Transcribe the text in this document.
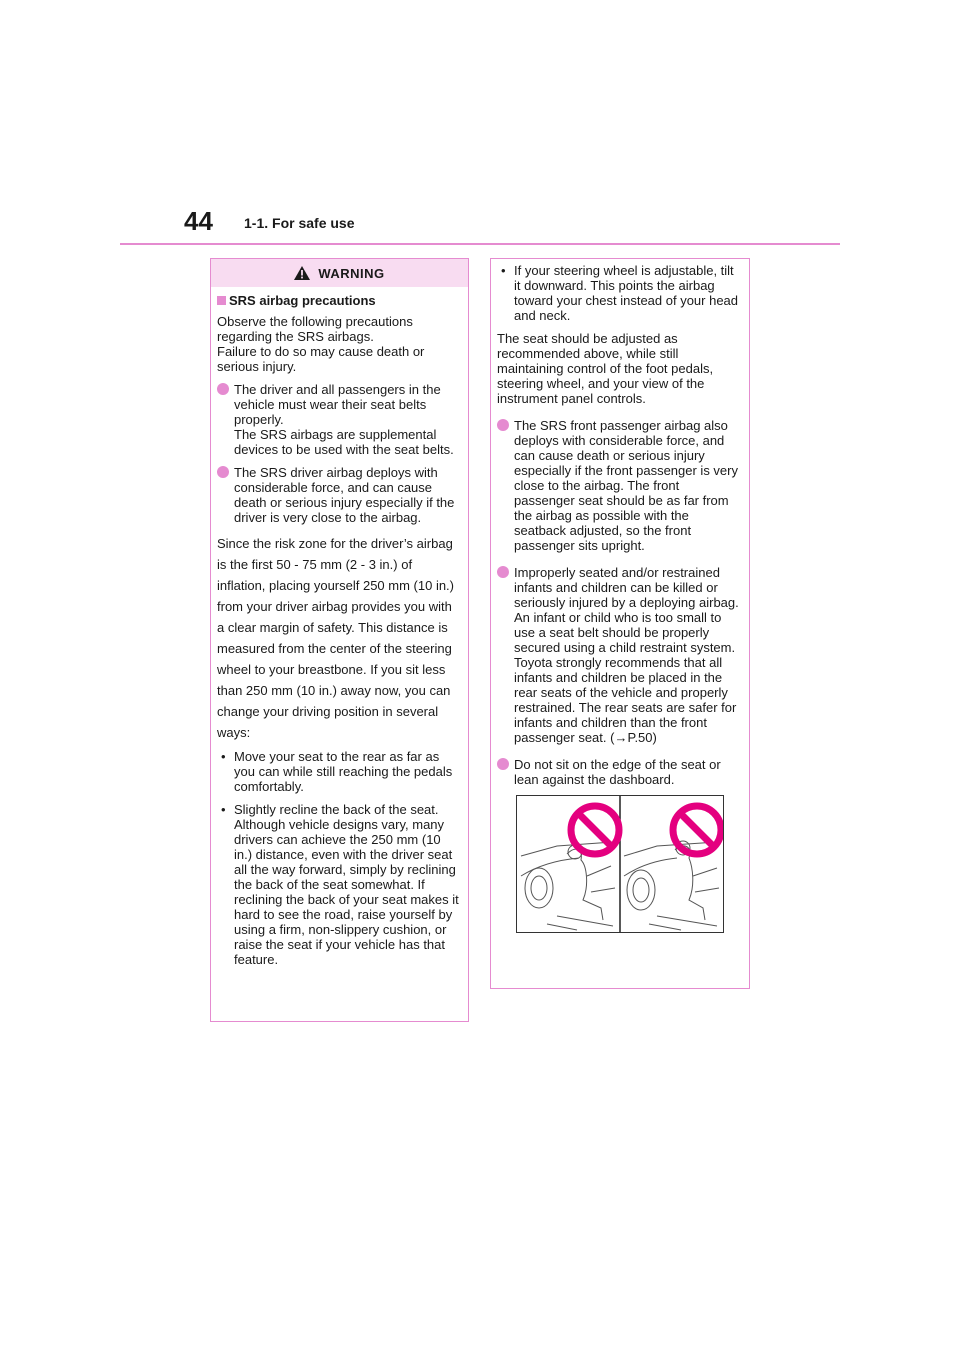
44 1-1. For safe use
WARNING
SRS airbag precautions

Observe the following precautions regarding the SRS airbags.
Failure to do so may cause death or serious injury.

The driver and all passengers in the vehicle must wear their seat belts properly.

The SRS airbags are supplemental devices to be used with the seat belts.

The SRS driver airbag deploys with considerable force, and can cause death or serious injury especially if the driver is very close to the airbag.

Since the risk zone for the driver’s airbag is the first 50 - 75 mm (2 - 3 in.) of inflation, placing yourself 250 mm (10 in.) from your driver airbag provides you with a clear margin of safety. This distance is measured from the center of the steering wheel to your breastbone. If you sit less than 250 mm (10 in.) away now, you can change your driving position in several ways:

• Move your seat to the rear as far as you can while still reaching the pedals comfortably.
• Slightly recline the back of the seat. Although vehicle designs vary, many drivers can achieve the 250 mm (10 in.) distance, even with the driver seat all the way forward, simply by reclining the back of the seat somewhat. If reclining the back of your seat makes it hard to see the road, raise yourself by using a firm, non-slippery cushion, or raise the seat if your vehicle has that feature.
• If your steering wheel is adjustable, tilt it downward. This points the airbag toward your chest instead of your head and neck.

The seat should be adjusted as recommended above, while still maintaining control of the foot pedals, steering wheel, and your view of the instrument panel controls.

The SRS front passenger airbag also deploys with considerable force, and can cause death or serious injury especially if the front passenger is very close to the airbag. The front passenger seat should be as far from the airbag as possible with the seatback adjusted, so the front passenger sits upright.

Improperly seated and/or restrained infants and children can be killed or seriously injured by a deploying airbag. An infant or child who is too small to use a seat belt should be properly secured using a child restraint system. Toyota strongly recommends that all infants and children be placed in the rear seats of the vehicle and properly restrained. The rear seats are safer for infants and children than the front passenger seat. (→P.50)

Do not sit on the edge of the seat or lean against the dashboard.
